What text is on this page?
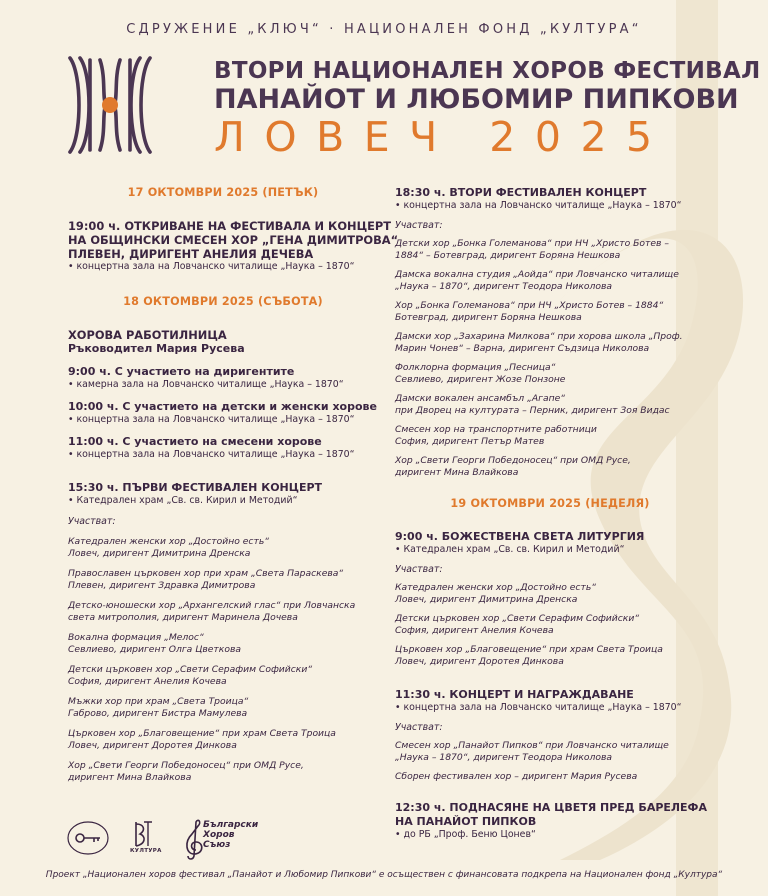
СДРУЖЕНИЕ „КЛЮЧ“ · НАЦИОНАЛЕН ФОНД „КУЛТУРА“
ВТОРИ НАЦИОНАЛЕН ХОРОВ ФЕСТИВАЛ
ПАНАЙОТ И ЛЮБОМИР ПИПКОВИ
ЛОВЕЧ 2025
17 ОКТОМВРИ 2025 (ПЕТЪК)
19:00 ч. ОТКРИВАНЕ НА ФЕСТИВАЛА И КОНЦЕРТ
НА ОБЩИНСКИ СМЕСЕН ХОР „ГЕНА ДИМИТРОВА“
ПЛЕВЕН, ДИРИГЕНТ АНЕЛИЯ ДЕЧЕВА
• концертна зала на Ловчанско читалище „Наука – 1870“
18 ОКТОМВРИ 2025 (СЪБОТА)
ХОРОВА РАБОТИЛНИЦА
Ръководител Мария Русева
9:00 ч. С участието на диригентите
• камерна зала на Ловчанско читалище „Наука – 1870“
10:00 ч. С участието на детски и женски хорове
• концертна зала на Ловчанско читалище „Наука – 1870“
11:00 ч. С участието на смесени хорове
• концертна зала на Ловчанско читалище „Наука – 1870“
15:30 ч. ПЪРВИ ФЕСТИВАЛЕН КОНЦЕРТ
• Катедрален храм „Св. св. Кирил и Методий“
Участват:
Катедрален женски хор „Достойно есть“
Ловеч, диригент Димитрина Дренска
Православен църковен хор при храм „Света Параскева“
Плевен, диригент Здравка Димитрова
Детско-юношески хор „Архангелский глас“ при Ловчанска
света митрополия, диригент Маринела Дочева
Вокална формация „Мелос“
Севлиево, диригент Олга Цветкова
Детски църковен хор „Свети Серафим Софийски“
София, диригент Анелия Кочева
Мъжки хор при храм „Света Троица“
Габрово, диригент Бистра Мамулева
Църковен хор „Благовещение“ при храм Света Троица
Ловеч, диригент Доротея Динкова
Хор „Свети Георги Победоносец“ при ОМД Русе,
диригент Мина Влайкова
18:30 ч. ВТОРИ ФЕСТИВАЛЕН КОНЦЕРТ
• концертна зала на Ловчанско читалище „Наука – 1870“
Участват:
Детски хор „Бонка Големанова“ при НЧ „Христо Ботев –
1884“ – Ботевград, диригент Боряна Нешкова
Дамска вокална студия „Аойда“ при Ловчанско читалище
„Наука – 1870“, диригент Теодора Николова
Хор „Бонка Големанова“ при НЧ „Христо Ботев – 1884“
Ботевград, диригент Боряна Нешкова
Дамски хор „Захарина Милкова“ при хорова школа „Проф.
Марин Чонев“ – Варна, диригент Съдзица Николова
Фолклорна формация „Песница“
Севлиево, диригент Жозе Понзоне
Дамски вокален ансамбъл „Агапе“
при Дворец на културата – Перник, диригент Зоя Видас
Смесен хор на транспортните работници
София, диригент Петър Матев
Хор „Свети Георги Победоносец“ при ОМД Русе,
диригент Мина Влайкова
19 ОКТОМВРИ 2025 (НЕДЕЛЯ)
9:00 ч. БОЖЕСТВЕНА СВЕТА ЛИТУРГИЯ
• Катедрален храм „Св. св. Кирил и Методий“
Участват:
Катедрален женски хор „Достойно есть“
Ловеч, диригент Димитрина Дренска
Детски църковен хор „Свети Серафим Софийски“
София, диригент Анелия Кочева
Църковен хор „Благовещение“ при храм Света Троица
Ловеч, диригент Доротея Динкова
11:30 ч. КОНЦЕРТ И НАГРАЖДАВАНЕ
• концертна зала на Ловчанско читалище „Наука – 1870“
Участват:
Смесен хор „Панайот Пипков“ при Ловчанско читалище
„Наука – 1870“, диригент Теодора Николова
Сборен фестивален хор – диригент Мария Русева
12:30 ч. ПОДНАСЯНЕ НА ЦВЕТЯ ПРЕД БАРЕЛЕФА
НА ПАНАЙОТ ПИПКОВ
• до РБ „Проф. Беню Цонев“
КУЛТУРА
Български
Хоров
Съюз
Проект „Национален хоров фестивал „Панайот и Любомир Пипкови“ е осъществен с финансовата подкрепа на Национален фонд „Култура“
